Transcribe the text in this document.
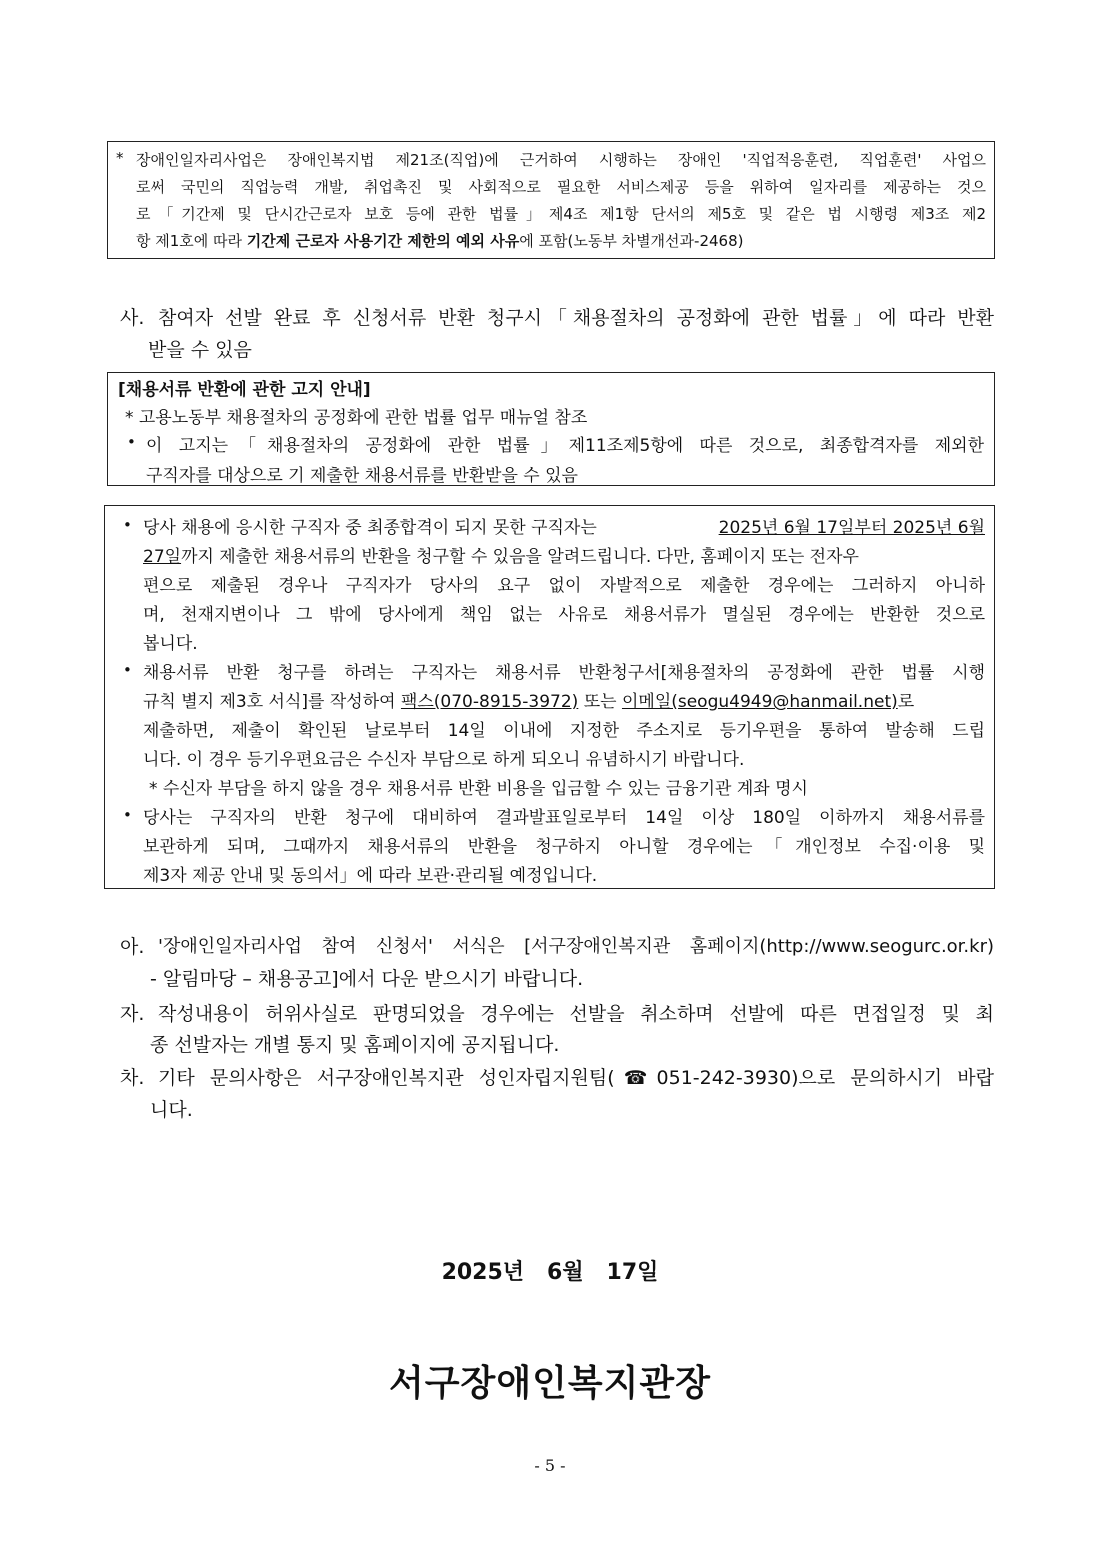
* 장애인일자리사업은 장애인복지법 제21조(직업)에 근거하여 시행하는 장애인 '직업적응훈련, 직업훈련' 사업으
로써 국민의 직업능력 개발, 취업촉진 및 사회적으로 필요한 서비스제공 등을 위하여 일자리를 제공하는 것으
로「기간제 및 단시간근로자 보호 등에 관한 법률」제4조 제1항 단서의 제5호 및 같은 법 시행령 제3조 제2
항 제1호에 따라 기간제 근로자 사용기간 제한의 예외 사유에 포함(노동부 차별개선과-2468)
사. 참여자 선발 완료 후 신청서류 반환 청구시「채용절차의 공정화에 관한 법률」에 따라 반환
받을 수 있음
[채용서류 반환에 관한 고지 안내]
* 고용노동부 채용절차의 공정화에 관한 법률 업무 매뉴얼 참조
• 이 고지는「채용절차의 공정화에 관한 법률」제11조제5항에 따른 것으로, 최종합격자를 제외한
구직자를 대상으로 기 제출한 채용서류를 반환받을 수 있음
• 당사 채용에 응시한 구직자 중 최종합격이 되지 못한 구직자는	2025년 6월 17일부터 2025년 6월
27일까지 제출한 채용서류의 반환을 청구할 수 있음을 알려드립니다. 다만, 홈페이지 또는 전자우
편으로 제출된 경우나 구직자가 당사의 요구 없이 자발적으로 제출한 경우에는 그러하지 아니하
며, 천재지변이나 그 밖에 당사에게 책임 없는 사유로 채용서류가 멸실된 경우에는 반환한 것으로
봅니다.
• 채용서류 반환 청구를 하려는 구직자는 채용서류 반환청구서[채용절차의 공정화에 관한 법률 시행
규칙 별지 제3호 서식]를 작성하여 팩스(070-8915-3972) 또는 이메일(seogu4949@hanmail.net)로
제출하면, 제출이 확인된 날로부터 14일 이내에 지정한 주소지로 등기우편을 통하여 발송해 드립
니다. 이 경우 등기우편요금은 수신자 부담으로 하게 되오니 유념하시기 바랍니다.
* 수신자 부담을 하지 않을 경우 채용서류 반환 비용을 입금할 수 있는 금융기관 계좌 명시
• 당사는 구직자의 반환 청구에 대비하여 결과발표일로부터 14일 이상 180일 이하까지 채용서류를
보관하게 되며, 그때까지 채용서류의 반환을 청구하지 아니할 경우에는「개인정보 수집·이용 및
제3자 제공 안내 및 동의서」에 따라 보관·관리될 예정입니다.
아. '장애인일자리사업 참여 신청서' 서식은 [서구장애인복지관 홈페이지(http://www.seogurc.or.kr)
- 알림마당 – 채용공고]에서 다운 받으시기 바랍니다.
자. 작성내용이 허위사실로 판명되었을 경우에는 선발을 취소하며 선발에 따른 면접일정 및 최
종 선발자는 개별 통지 및 홈페이지에 공지됩니다.
차. 기타 문의사항은 서구장애인복지관 성인자립지원팀(☎051-242-3930)으로 문의하시기 바랍
니다.
2025년   6월   17일
서구장애인복지관장
- 5 -
